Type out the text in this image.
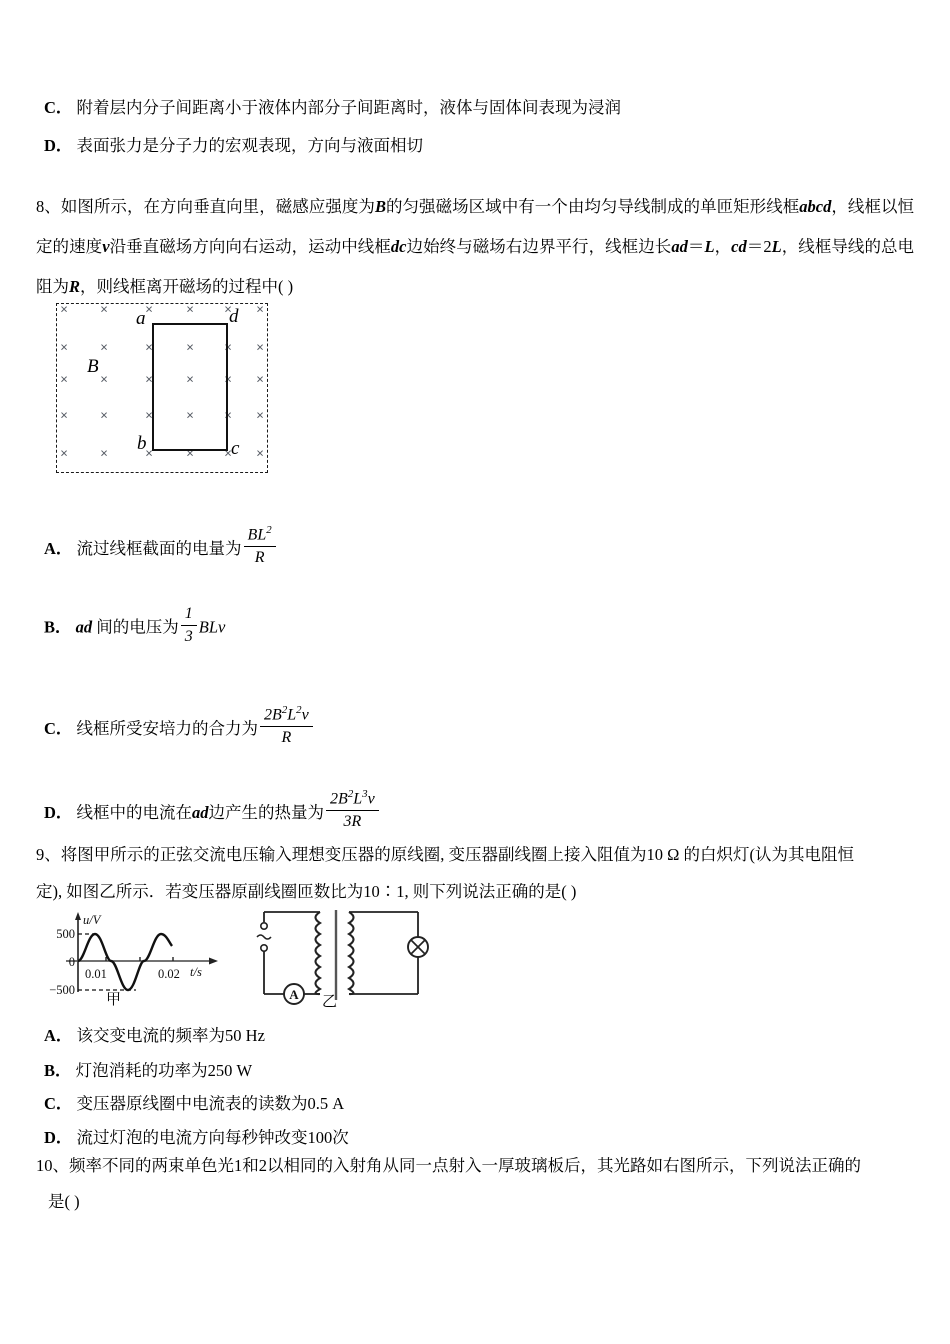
C． 附着层内分子间距离小于液体内部分子间距离时，液体与固体间表现为浸润
D． 表面张力是分子力的宏观表现，方向与液面相切
8、如图所示，在方向垂直向里，磁感应强度为B的匀强磁场区域中有一个由均匀导线制成的单匝矩形线框abcd，线框以恒定的速度v沿垂直磁场方向向右运动，运动中线框dc边始终与磁场右边界平行，线框边长ad＝L，cd＝2L，线框导线的总电阻为R，则线框离开磁场的过程中( )
× ×	×	× × ×
× ×	×	× × ×
× ×	×	× × ×
× ×	×	× × ×
× ×	×	× × ×
a	d
b	c
B
A． 流过线框截面的电量为 $\frac{BL^2}{R}$
B． ad 间的电压为 $\frac{1}{3}$ BLv
C． 线框所受安培力的合力为 $\frac{2B^2L^2v}{R}$
D． 线框中的电流在ad边产生的热量为 $\frac{2B^2L^3v}{3R}$
9、将图甲所示的正弦交流电压输入理想变压器的原线圈, 变压器副线圈上接入阻值为10 Ω 的白炽灯(认为其电阻恒
定), 如图乙所示．若变压器原副线圈匝数比为10∶1, 则下列说法正确的是( )
500
0
−500
0.01	0.02 t/s
u/V
甲	A 乙
A． 该交变电流的频率为50 Hz
B． 灯泡消耗的功率为250 W
C． 变压器原线圈中电流表的读数为0.5 A
D． 流过灯泡的电流方向每秒钟改变100次
10、频率不同的两束单色光1和2以相同的入射角从同一点射入一厚玻璃板后，其光路如右图所示，下列说法正确的
是( )
